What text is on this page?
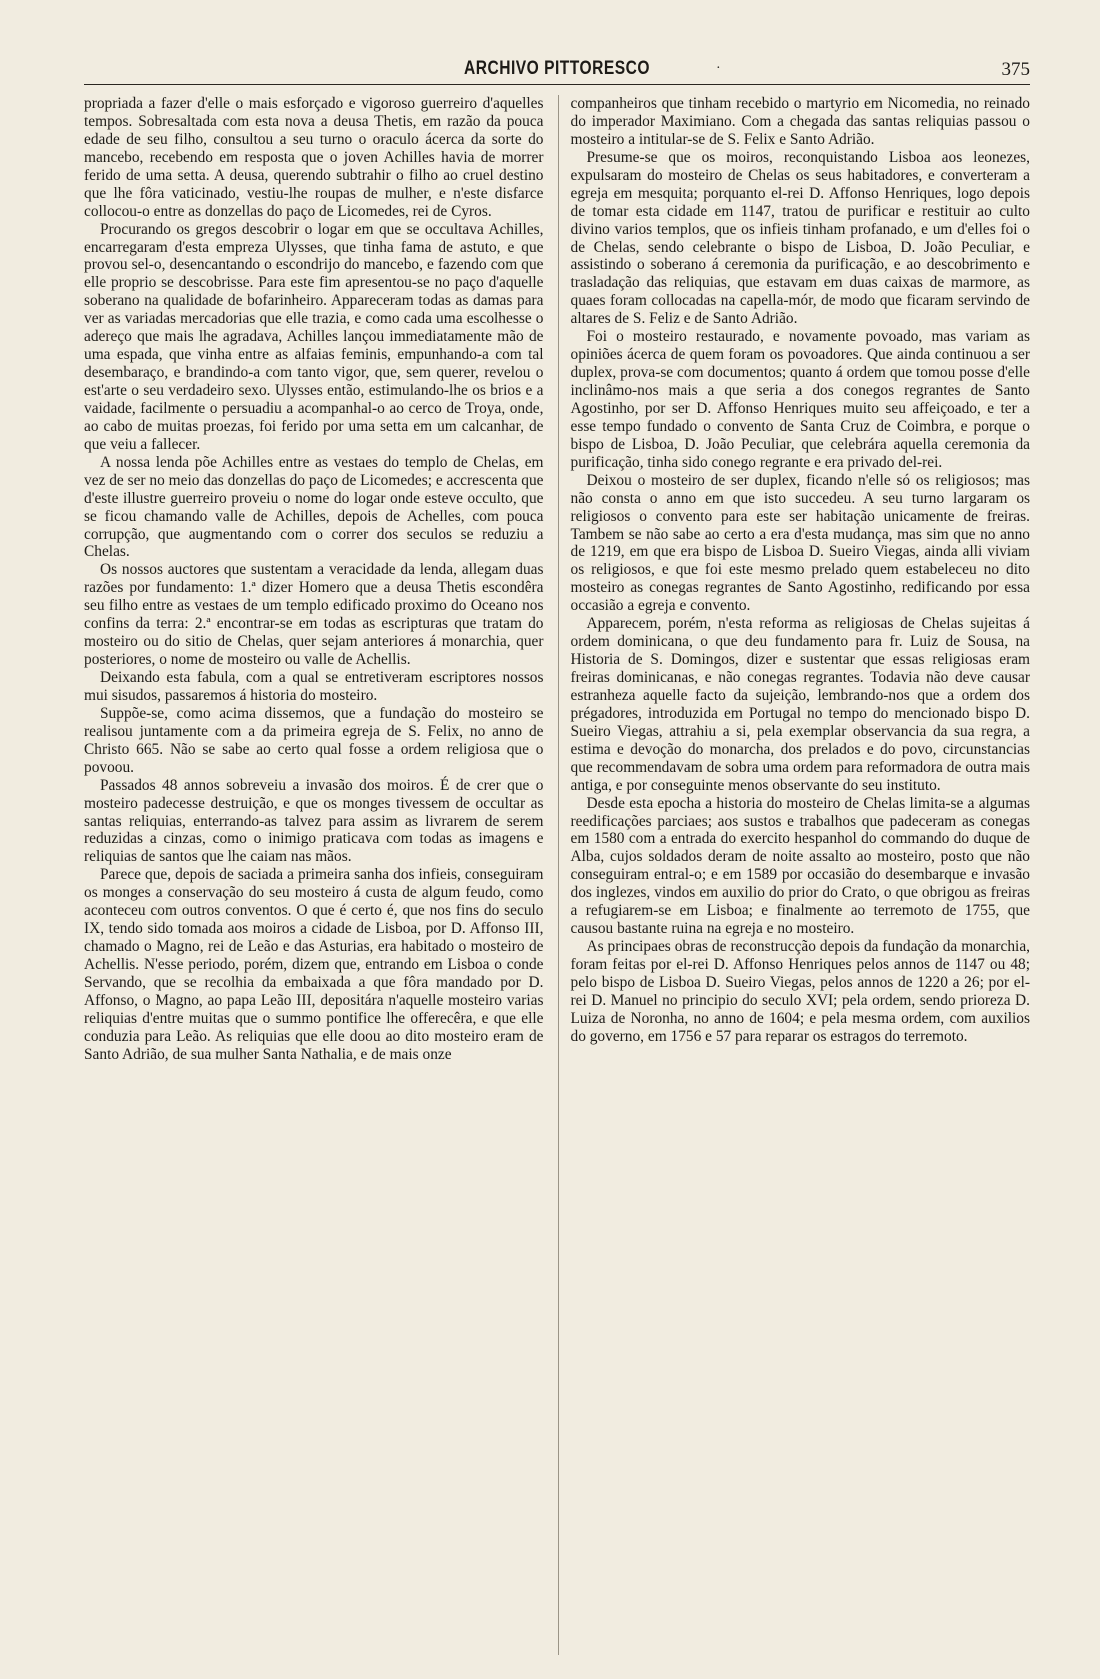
ARCHIVO PITTORESCO	·	375

propriada a fazer d'elle o mais esforçado e vigoroso guerreiro d'aquelles tempos. Sobresaltada com esta nova a deusa Thetis, em razão da pouca edade de seu filho, consultou a seu turno o oraculo ácerca da sorte do mancebo, recebendo em resposta que o joven Achilles havia de morrer ferido de uma setta. A deusa, querendo subtrahir o filho ao cruel destino que lhe fôra vaticinado, vestiu-lhe roupas de mulher, e n'este disfarce collocou-o entre as donzellas do paço de Licomedes, rei de Cyros.

Procurando os gregos descobrir o logar em que se occultava Achilles, encarregaram d'esta empreza Ulysses, que tinha fama de astuto, e que provou sel-o, desencantando o escondrijo do mancebo, e fazendo com que elle proprio se descobrisse. Para este fim apresentou-se no paço d'aquelle soberano na qualidade de bofarinheiro. Appareceram todas as damas para ver as variadas mercadorias que elle trazia, e como cada uma escolhesse o adereço que mais lhe agradava, Achilles lançou immediatamente mão de uma espada, que vinha entre as alfaias feminis, empunhando-a com tal desembaraço, e brandindo-a com tanto vigor, que, sem querer, revelou o est'arte o seu verdadeiro sexo. Ulysses então, estimulando-lhe os brios e a vaidade, facilmente o persuadiu a acompanhal-o ao cerco de Troya, onde, ao cabo de muitas proezas, foi ferido por uma setta em um calcanhar, de que veiu a fallecer.

A nossa lenda põe Achilles entre as vestaes do templo de Chelas, em vez de ser no meio das donzellas do paço de Licomedes; e accrescenta que d'este illustre guerreiro proveiu o nome do logar onde esteve occulto, que se ficou chamando valle de Achilles, depois de Achelles, com pouca corrupção, que augmentando com o correr dos seculos se reduziu a Chelas.

Os nossos auctores que sustentam a veracidade da lenda, allegam duas razões por fundamento: 1.ª dizer Homero que a deusa Thetis escondêra seu filho entre as vestaes de um templo edificado proximo do Oceano nos confins da terra: 2.ª encontrar-se em todas as escripturas que tratam do mosteiro ou do sitio de Chelas, quer sejam anteriores á monarchia, quer posteriores, o nome de mosteiro ou valle de Achellis.

Deixando esta fabula, com a qual se entretiveram escriptores nossos mui sisudos, passaremos á historia do mosteiro.

Suppõe-se, como acima dissemos, que a fundação do mosteiro se realisou juntamente com a da primeira egreja de S. Felix, no anno de Christo 665. Não se sabe ao certo qual fosse a ordem religiosa que o povoou.

Passados 48 annos sobreveiu a invasão dos moiros. É de crer que o mosteiro padecesse destruição, e que os monges tivessem de occultar as santas reliquias, enterrando-as talvez para assim as livrarem de serem reduzidas a cinzas, como o inimigo praticava com todas as imagens e reliquias de santos que lhe caiam nas mãos.

Parece que, depois de saciada a primeira sanha dos infieis, conseguiram os monges a conservação do seu mosteiro á custa de algum feudo, como aconteceu com outros conventos. O que é certo é, que nos fins do seculo IX, tendo sido tomada aos moiros a cidade de Lisboa, por D. Affonso III, chamado o Magno, rei de Leão e das Asturias, era habitado o mosteiro de Achellis. N'esse periodo, porém, dizem que, entrando em Lisboa o conde Servando, que se recolhia da embaixada a que fôra mandado por D. Affonso, o Magno, ao papa Leão III, depositára n'aquelle mosteiro varias reliquias d'entre muitas que o summo pontifice lhe offerecêra, e que elle conduzia para Leão. As reliquias que elle doou ao dito mosteiro eram de Santo Adrião, de sua mulher Santa Nathalia, e de mais onze

companheiros que tinham recebido o martyrio em Nicomedia, no reinado do imperador Maximiano. Com a chegada das santas reliquias passou o mosteiro a intitular-se de S. Felix e Santo Adrião.

Presume-se que os moiros, reconquistando Lisboa aos leonezes, expulsaram do mosteiro de Chelas os seus habitadores, e converteram a egreja em mesquita; porquanto el-rei D. Affonso Henriques, logo depois de tomar esta cidade em 1147, tratou de purificar e restituir ao culto divino varios templos, que os infieis tinham profanado, e um d'elles foi o de Chelas, sendo celebrante o bispo de Lisboa, D. João Peculiar, e assistindo o soberano á ceremonia da purificação, e ao descobrimento e trasladação das reliquias, que estavam em duas caixas de marmore, as quaes foram collocadas na capella-mór, de modo que ficaram servindo de altares de S. Feliz e de Santo Adrião.

Foi o mosteiro restaurado, e novamente povoado, mas variam as opiniões ácerca de quem foram os povoadores. Que ainda continuou a ser duplex, prova-se com documentos; quanto á ordem que tomou posse d'elle inclinâmo-nos mais a que seria a dos conegos regrantes de Santo Agostinho, por ser D. Affonso Henriques muito seu affeiçoado, e ter a esse tempo fundado o convento de Santa Cruz de Coimbra, e porque o bispo de Lisboa, D. João Peculiar, que celebrára aquella ceremonia da purificação, tinha sido conego regrante e era privado del-rei.

Deixou o mosteiro de ser duplex, ficando n'elle só os religiosos; mas não consta o anno em que isto succedeu. A seu turno largaram os religiosos o convento para este ser habitação unicamente de freiras. Tambem se não sabe ao certo a era d'esta mudança, mas sim que no anno de 1219, em que era bispo de Lisboa D. Sueiro Viegas, ainda alli viviam os religiosos, e que foi este mesmo prelado quem estabeleceu no dito mosteiro as conegas regrantes de Santo Agostinho, redificando por essa occasião a egreja e convento.

Apparecem, porém, n'esta reforma as religiosas de Chelas sujeitas á ordem dominicana, o que deu fundamento para fr. Luiz de Sousa, na Historia de S. Domingos, dizer e sustentar que essas religiosas eram freiras dominicanas, e não conegas regrantes. Todavia não deve causar estranheza aquelle facto da sujeição, lembrando-nos que a ordem dos prégadores, introduzida em Portugal no tempo do mencionado bispo D. Sueiro Viegas, attrahiu a si, pela exemplar observancia da sua regra, a estima e devoção do monarcha, dos prelados e do povo, circunstancias que recommendavam de sobra uma ordem para reformadora de outra mais antiga, e por conseguinte menos observante do seu instituto.

Desde esta epocha a historia do mosteiro de Chelas limita-se a algumas reedificações parciaes; aos sustos e trabalhos que padeceram as conegas em 1580 com a entrada do exercito hespanhol do commando do duque de Alba, cujos soldados deram de noite assalto ao mosteiro, posto que não conseguiram entral-o; e em 1589 por occasião do desembarque e invasão dos inglezes, vindos em auxilio do prior do Crato, o que obrigou as freiras a refugiarem-se em Lisboa; e finalmente ao terremoto de 1755, que causou bastante ruina na egreja e no mosteiro.

As principaes obras de reconstrucção depois da fundação da monarchia, foram feitas por el-rei D. Affonso Henriques pelos annos de 1147 ou 48; pelo bispo de Lisboa D. Sueiro Viegas, pelos annos de 1220 a 26; por el-rei D. Manuel no principio do seculo XVI; pela ordem, sendo prioreza D. Luiza de Noronha, no anno de 1604; e pela mesma ordem, com auxilios do governo, em 1756 e 57 para reparar os estragos do terremoto.
